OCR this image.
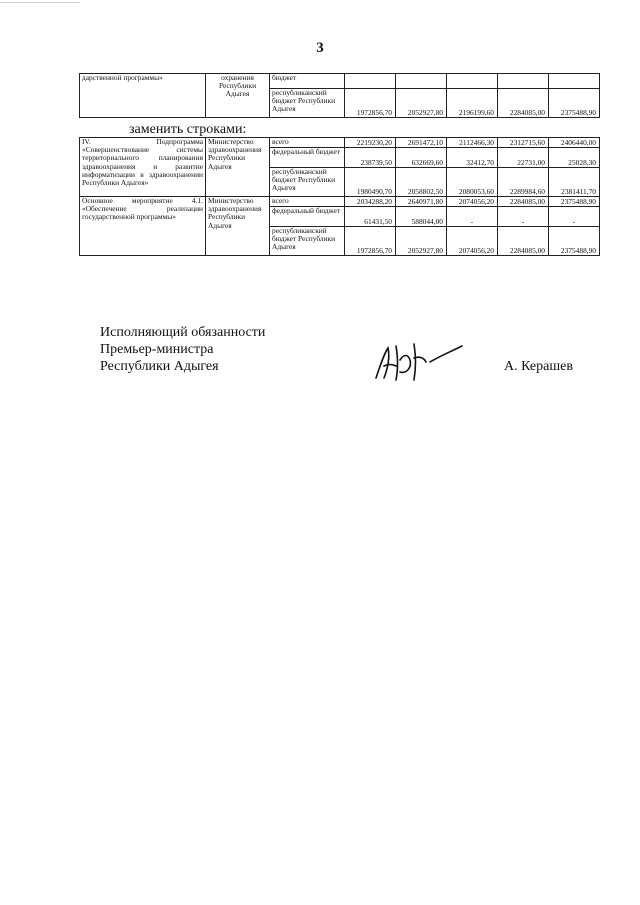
3
дарственной программы»	охранения Республики Адыгея	бюджет					
		республиканский бюджет Республики Адыгея	1972856,70	2052927,80	2196199,60	2284085,00	2375488,90
заменить строками:
IV. Подпрограмма «Совершенствование системы территориального планирования здравоохранения и развитие информатизации в здравоохранении Республики Адыгея»	Министерство здравоохранения Республики Адыгея	всего	2219230,20	2691472,10	2112466,30	2312715,60	2406440,00
		федеральный бюджет	238739,50	632669,60	32412,70	22731,00	25028,30
		республиканский бюджет Республики Адыгея	1980490,70	2058802,50	2080053,60	2289984,60	2381411,70
Основное мероприятие 4.1. «Обеспечение реализации государственной программы»	Министерство здравоохранения Республики Адыгея	всего	2034288,20	2640971,80	2074056,20	2284085,00	2375488,90
		федеральный бюджет	61431,50	588044,00	-	-	-
		республиканский бюджет Республики Адыгея	1972856,70	2052927,80	2074056,20	2284085,00	2375488,90
Исполняющий обязанности
Премьер-министра
Республики Адыгея	А. Керашев
